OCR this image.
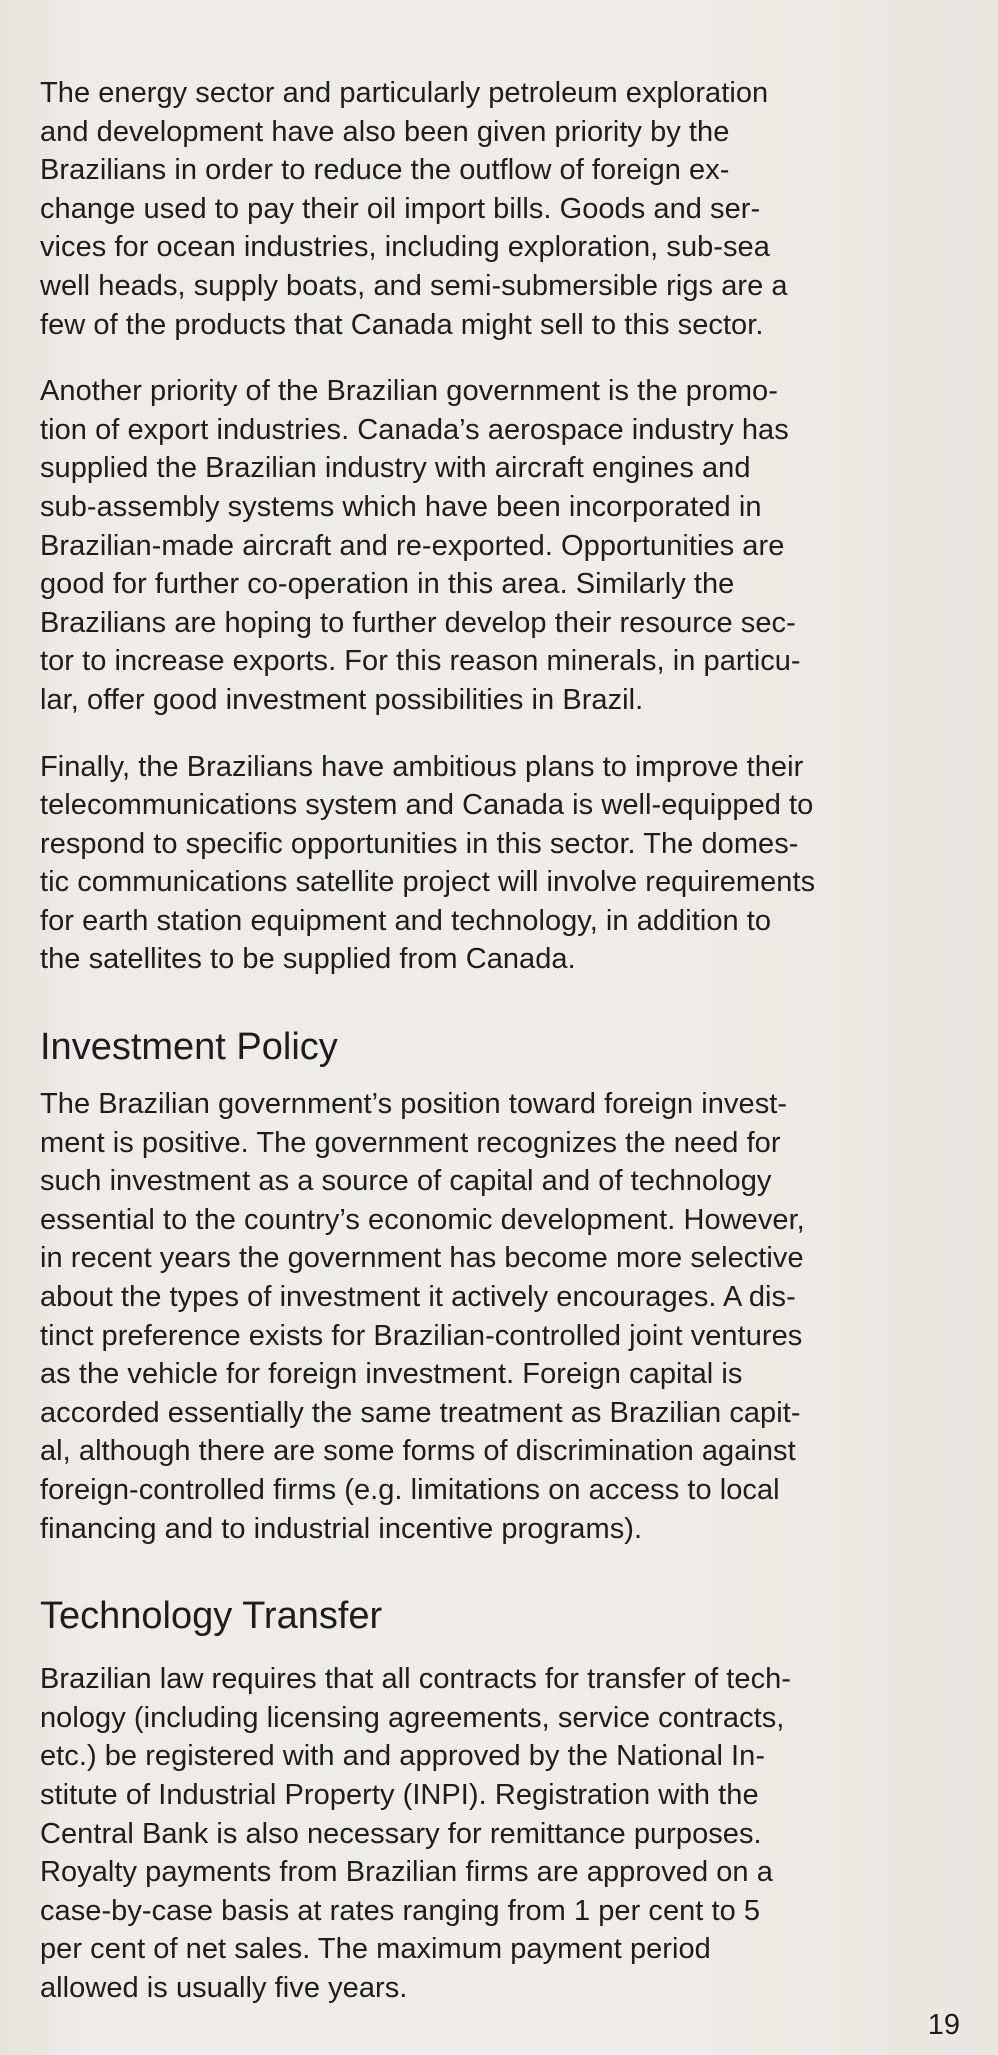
The energy sector and particularly petroleum exploration
and development have also been given priority by the
Brazilians in order to reduce the outflow of foreign ex-
change used to pay their oil import bills. Goods and ser-
vices for ocean industries, including exploration, sub-sea
well heads, supply boats, and semi-submersible rigs are a
few of the products that Canada might sell to this sector.

Another priority of the Brazilian government is the promo-
tion of export industries. Canada’s aerospace industry has
supplied the Brazilian industry with aircraft engines and
sub-assembly systems which have been incorporated in
Brazilian-made aircraft and re-exported. Opportunities are
good for further co-operation in this area. Similarly the
Brazilians are hoping to further develop their resource sec-
tor to increase exports. For this reason minerals, in particu-
lar, offer good investment possibilities in Brazil.

Finally, the Brazilians have ambitious plans to improve their
telecommunications system and Canada is well-equipped to
respond to specific opportunities in this sector. The domes-
tic communications satellite project will involve requirements
for earth station equipment and technology, in addition to
the satellites to be supplied from Canada.

Investment Policy

The Brazilian government’s position toward foreign invest-
ment is positive. The government recognizes the need for
such investment as a source of capital and of technology
essential to the country’s economic development. However,
in recent years the government has become more selective
about the types of investment it actively encourages. A dis-
tinct preference exists for Brazilian-controlled joint ventures
as the vehicle for foreign investment. Foreign capital is
accorded essentially the same treatment as Brazilian capit-
al, although there are some forms of discrimination against
foreign-controlled firms (e.g. limitations on access to local
financing and to industrial incentive programs).

Technology Transfer

Brazilian law requires that all contracts for transfer of tech-
nology (including licensing agreements, service contracts,
etc.) be registered with and approved by the National In-
stitute of Industrial Property (INPI). Registration with the
Central Bank is also necessary for remittance purposes.
Royalty payments from Brazilian firms are approved on a
case-by-case basis at rates ranging from 1 per cent to 5
per cent of net sales. The maximum payment period
allowed is usually five years.

19
